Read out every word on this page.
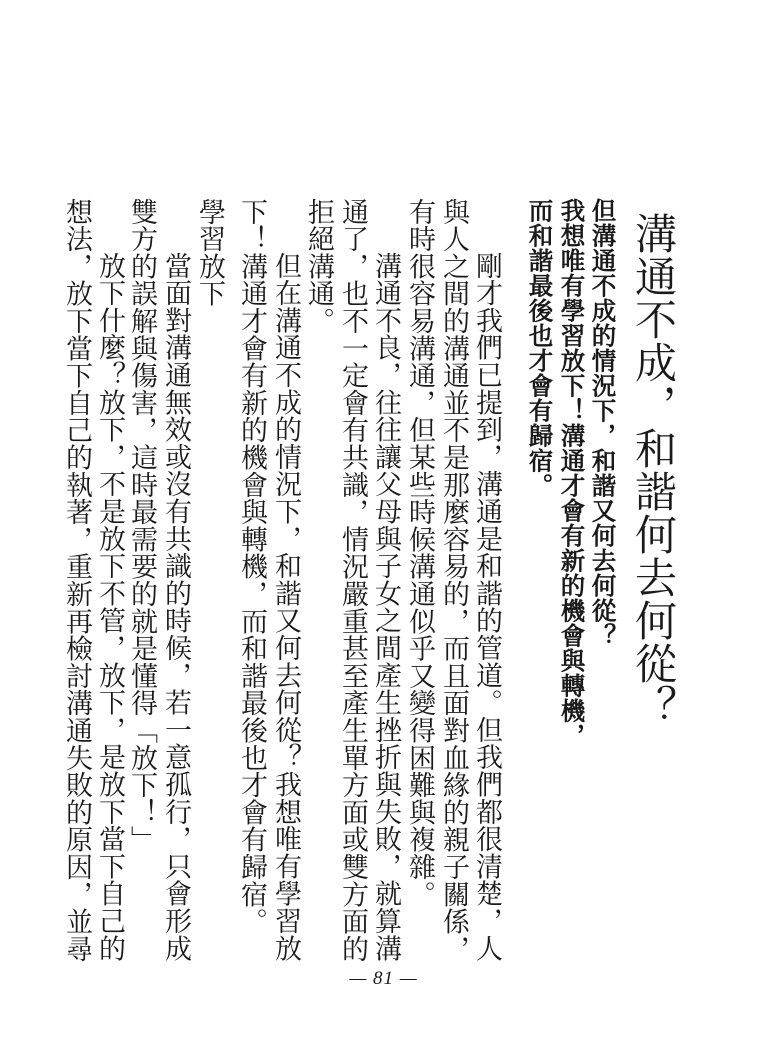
溝通不成，和諧何去何從？
但溝通不成的情況下，和諧又何去何從？
我想唯有學習放下！溝通才會有新的機會與轉機，
而和諧最後也才會有歸宿。
剛才我們已提到，溝通是和諧的管道。但我們都很清楚，人
與人之間的溝通並不是那麼容易的，而且面對血緣的親子關係，
有時很容易溝通，但某些時候溝通似乎又變得困難與複雜。
溝通不良，往往讓父母與子女之間產生挫折與失敗，就算溝
通了，也不一定會有共識，情況嚴重甚至產生單方面或雙方面的
拒絕溝通。
但在溝通不成的情況下，和諧又何去何從？我想唯有學習放
下！溝通才會有新的機會與轉機，而和諧最後也才會有歸宿。
學習放下
當面對溝通無效或沒有共識的時候，若一意孤行，只會形成
雙方的誤解與傷害，這時最需要的就是懂得「放下！」
放下什麼？放下，不是放下不管，放下，是放下當下自己的
想法，放下當下自己的執著，重新再檢討溝通失敗的原因，並尋
— 81 —
